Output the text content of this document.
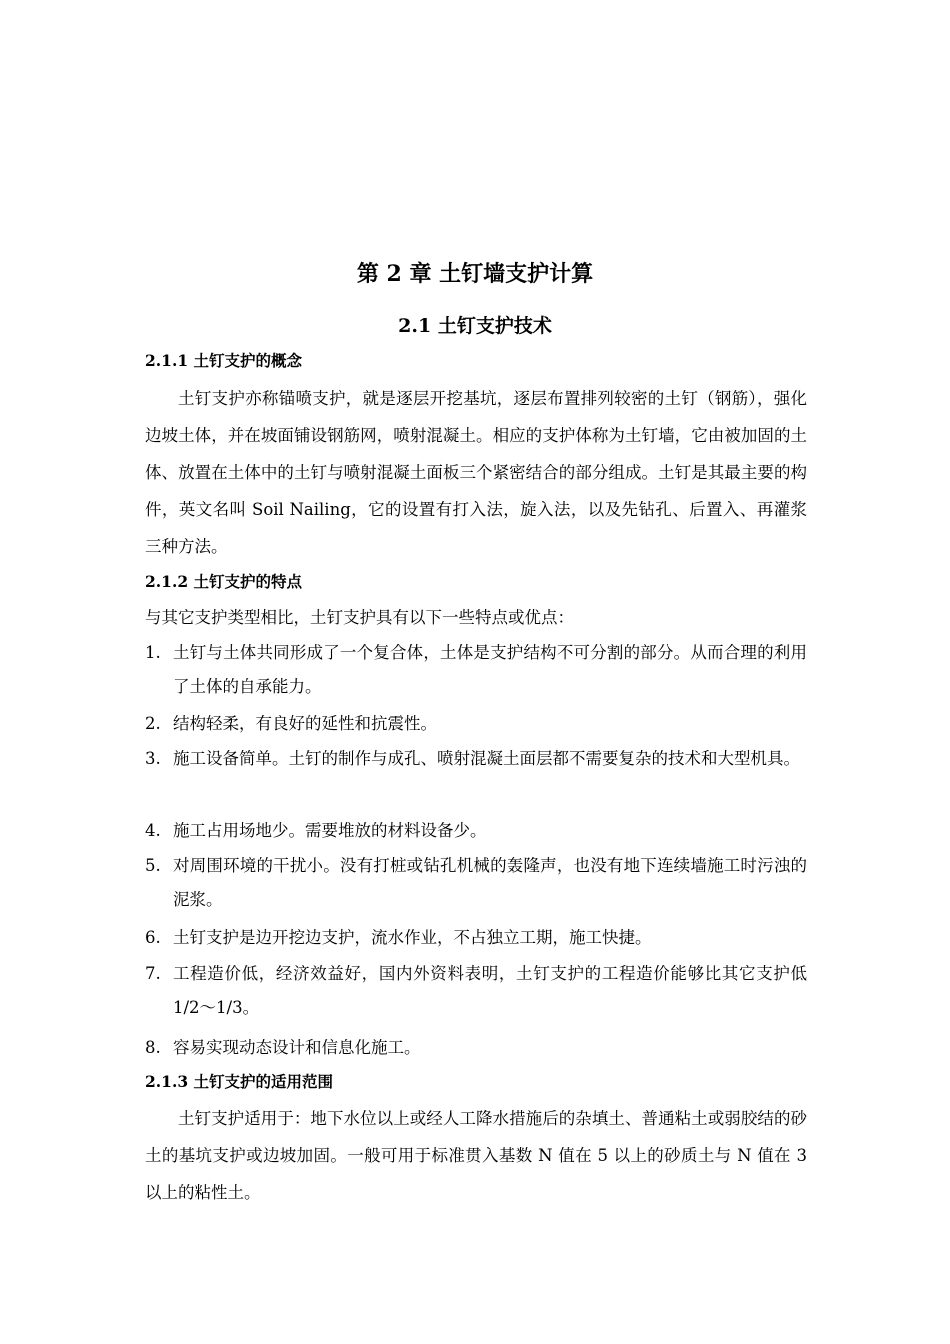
第 2 章 土钉墙支护计算
2.1 土钉支护技术
2.1.1 土钉支护的概念
土钉支护亦称锚喷支护，就是逐层开挖基坑，逐层布置排列较密的土钉（钢筋），强化边坡土体，并在坡面铺设钢筋网，喷射混凝土。相应的支护体称为土钉墙，它由被加固的土体、放置在土体中的土钉与喷射混凝土面板三个紧密结合的部分组成。土钉是其最主要的构件，英文名叫 Soil Nailing，它的设置有打入法，旋入法，以及先钻孔、后置入、再灌浆三种方法。
2.1.2 土钉支护的特点
与其它支护类型相比，土钉支护具有以下一些特点或优点：
1. 土钉与土体共同形成了一个复合体，土体是支护结构不可分割的部分。从而合理的利用了土体的自承能力。
2. 结构轻柔，有良好的延性和抗震性。
3. 施工设备简单。土钉的制作与成孔、喷射混凝土面层都不需要复杂的技术和大型机具。
4. 施工占用场地少。需要堆放的材料设备少。
5. 对周围环境的干扰小。没有打桩或钻孔机械的轰隆声，也没有地下连续墙施工时污浊的泥浆。
6. 土钉支护是边开挖边支护，流水作业，不占独立工期，施工快捷。
7. 工程造价低，经济效益好，国内外资料表明，土钉支护的工程造价能够比其它支护低 1/2～1/3。
8. 容易实现动态设计和信息化施工。
2.1.3 土钉支护的适用范围
土钉支护适用于：地下水位以上或经人工降水措施后的杂填土、普通粘土或弱胶结的砂土的基坑支护或边坡加固。一般可用于标准贯入基数 N 值在 5 以上的砂质土与 N 值在 3 以上的粘性土。
